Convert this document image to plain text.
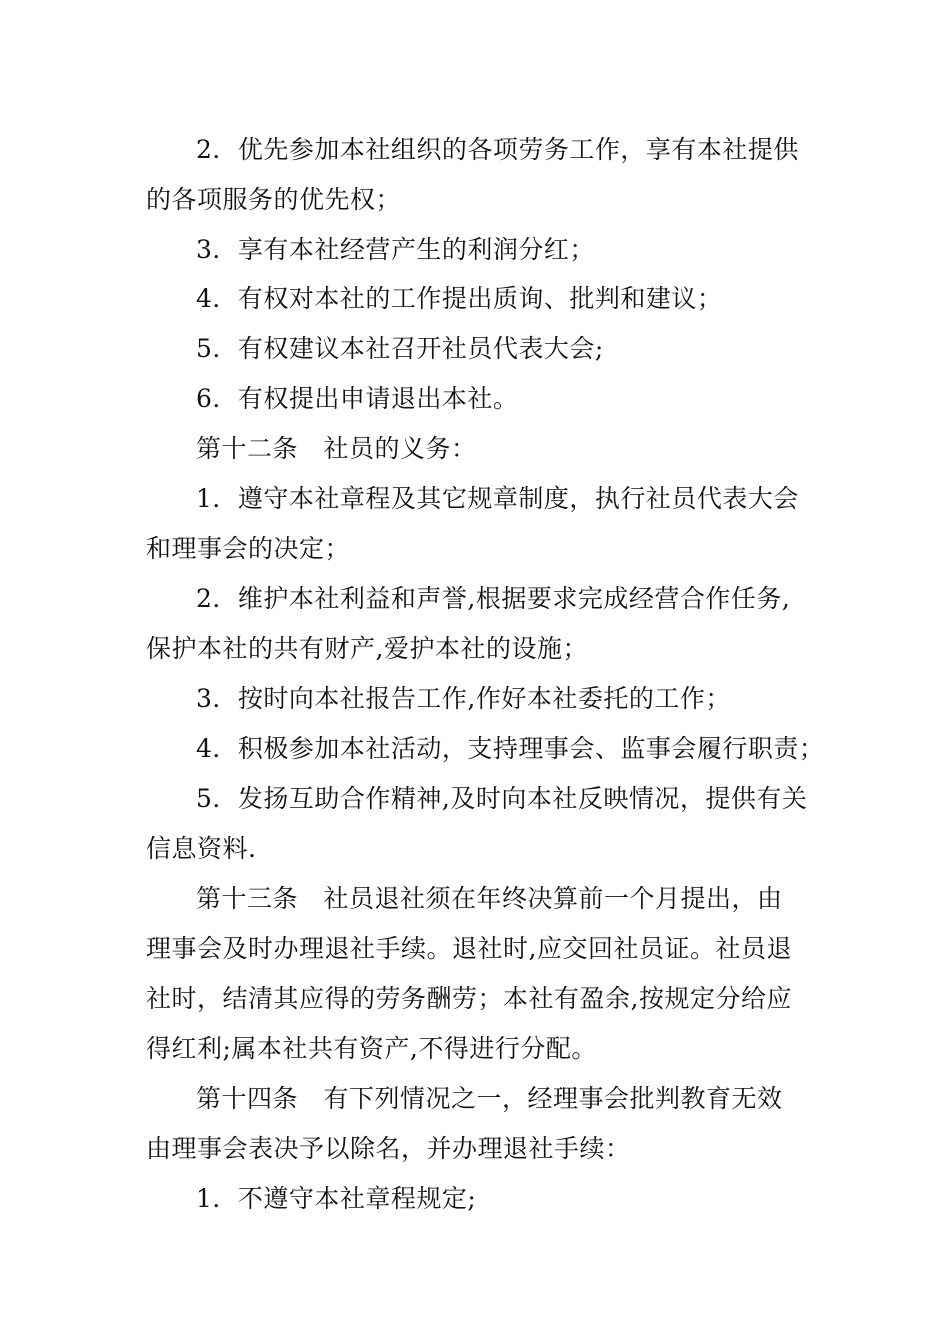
2．优先参加本社组织的各项劳务工作，享有本社提供
的各项服务的优先权；
3．享有本社经营产生的利润分红；
4．有权对本社的工作提出质询、批判和建议；
5．有权建议本社召开社员代表大会;
6．有权提出申请退出本社。
第十二条　社员的义务：
1．遵守本社章程及其它规章制度，执行社员代表大会
和理事会的决定；
2．维护本社利益和声誉,根据要求完成经营合作任务,
保护本社的共有财产,爱护本社的设施；
3．按时向本社报告工作,作好本社委托的工作；
4．积极参加本社活动，支持理事会、监事会履行职责；
5．发扬互助合作精神,及时向本社反映情况，提供有关
信息资料.
第十三条　社员退社须在年终决算前一个月提出，由
理事会及时办理退社手续。退社时,应交回社员证。社员退
社时，结清其应得的劳务酬劳；本社有盈余,按规定分给应
得红利;属本社共有资产,不得进行分配。
第十四条　有下列情况之一，经理事会批判教育无效
由理事会表决予以除名，并办理退社手续：
1．不遵守本社章程规定;
